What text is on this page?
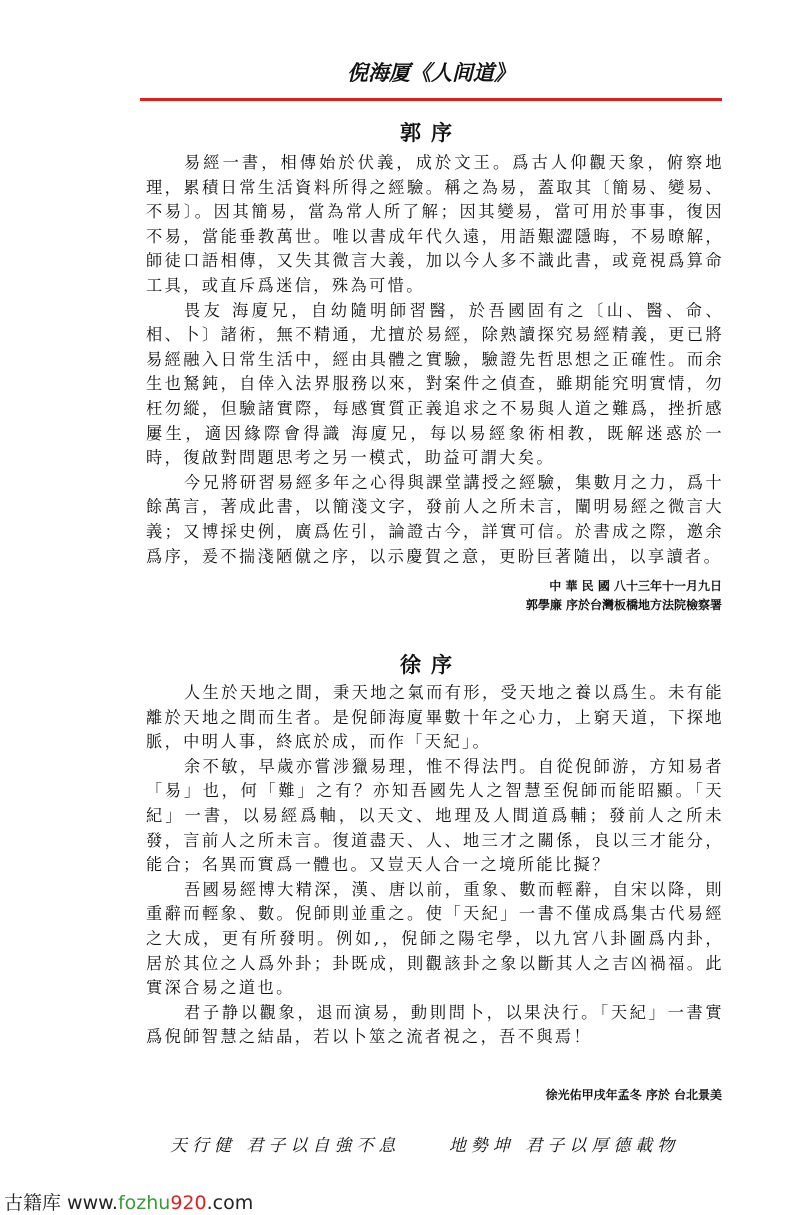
倪海厦《人间道》
郭序

易經一書，相傳始於伏義，成於文王。爲古人仰觀天象，俯察地理，累積日常生活資料所得之經驗。稱之為易，蓋取其〔簡易、變易、不易〕。因其簡易，當為常人所了解；因其變易，當可用於事事，復因不易，當能垂教萬世。唯以書成年代久遠，用語艱澀隱晦，不易暸解，師徒口語相傳，又失其微言大義，加以今人多不識此書，或竟視爲算命工具，或直斥爲迷信，殊為可惜。

畏友 海廈兄，自幼隨明師習醫，於吾國固有之〔山、醫、命、相、卜〕諸術，無不精通，尤擅於易經，除熟讀探究易經精義，更已將易經融入日常生活中，經由具體之實驗，驗證先哲思想之正確性。而余生也駑鈍，自倖入法界服務以來，對案件之偵查，雖期能究明實情，勿枉勿縱，但驗諸實際，每感實質正義追求之不易與人道之難爲，挫折感屢生，適因緣際會得識 海廈兄，每以易經象術相教，既解迷惑於一時，復啟對問題思考之另一模式，助益可謂大矣。

今兄將研習易經多年之心得與課堂講授之經驗，集數月之力，爲十餘萬言，著成此書，以簡淺文字，發前人之所未言，闡明易經之微言大義；又博採史例，廣爲佐引，論證古今，詳實可信。於書成之際，邀余爲序，爰不揣淺陋僦之序，以示慶賀之意，更盼巨著隨出，以享讀者。

中 華 民 國 八十三年十一月九日
郭學廉 序於台灣板橋地方法院檢察署
徐序

人生於天地之間，秉天地之氣而有形，受天地之養以爲生。未有能離於天地之間而生者。是倪師海廈畢數十年之心力，上窮天道，下探地脈，中明人事，終底於成，而作「天紀」。

余不敏，早歲亦嘗涉獵易理，惟不得法門。自從倪師游，方知易者「易」也，何「難」之有？亦知吾國先人之智慧至倪師而能昭顯。「天紀」一書，以易經爲軸，以天文、地理及人間道爲輔；發前人之所未發，言前人之所未言。復道盡天、人、地三才之關係，良以三才能分，能合；名異而實爲一體也。又豈天人合一之境所能比擬？

吾國易經博大精深，漢、唐以前，重象、數而輕辭，自宋以降，則重辭而輕象、數。倪師則並重之。使「天紀」一書不僅成爲集古代易經之大成，更有所發明。例如,，倪師之陽宅學，以九宮八卦圖爲内卦，居於其位之人爲外卦；卦既成，則觀該卦之象以斷其人之吉凶禍福。此實深合易之道也。

君子静以觀象，退而演易，動則問卜，以果決行。「天紀」一書實爲倪師智慧之結晶，若以卜筮之流者視之，吾不與焉！

徐光佑甲戌年孟冬 序於 台北景美
天行健 君子以自強不息	地勢坤 君子以厚德載物
古籍库 www.fozhu920.com
